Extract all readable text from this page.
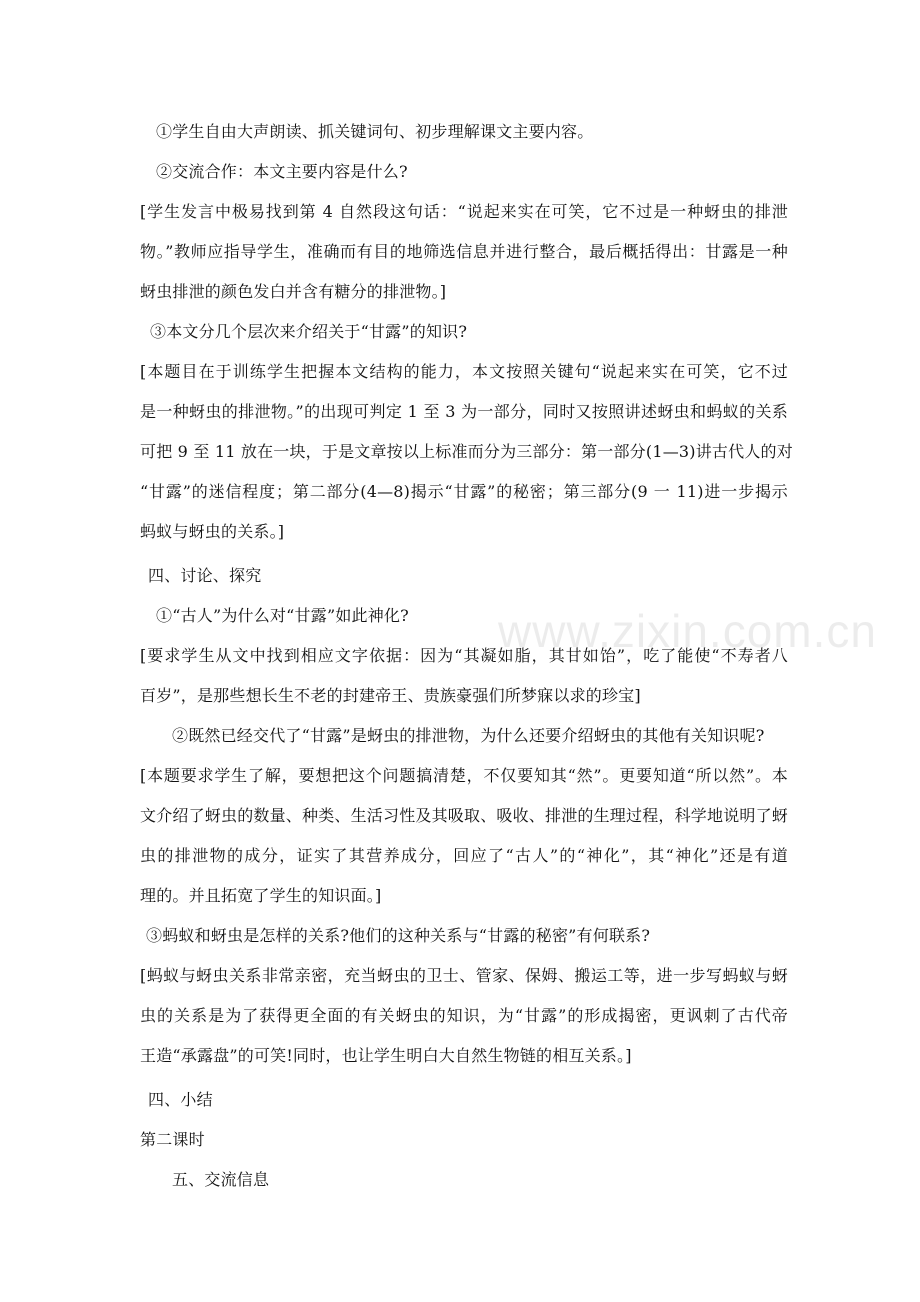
www.zixin.com.cn
①学生自由大声朗读、抓关键词句、初步理解课文主要内容。
②交流合作：本文主要内容是什么?
[学生发言中极易找到第 4 自然段这句话：“说起来实在可笑，它不过是一种蚜虫的排泄
物。”教师应指导学生，准确而有目的地筛选信息并进行整合，最后概括得出：甘露是一种
蚜虫排泄的颜色发白并含有糖分的排泄物。]
③本文分几个层次来介绍关于“甘露”的知识?
[本题目在于训练学生把握本文结构的能力，本文按照关键句“说起来实在可笑，它不过
是一种蚜虫的排泄物。”的出现可判定 1 至 3 为一部分，同时又按照讲述蚜虫和蚂蚁的关系
可把 9 至 11 放在一块，于是文章按以上标准而分为三部分：第一部分(1—3)讲古代人的对
“甘露”的迷信程度；第二部分(4—8)揭示“甘露”的秘密；第三部分(9 一 11)进一步揭示
蚂蚁与蚜虫的关系。]
四、讨论、探究
①“古人”为什么对“甘露”如此神化?
[要求学生从文中找到相应文字依据：因为“其凝如脂，其甘如饴”，吃了能使“不寿者八
百岁”，是那些想长生不老的封建帝王、贵族豪强们所梦寐以求的珍宝]
②既然已经交代了“甘露”是蚜虫的排泄物，为什么还要介绍蚜虫的其他有关知识呢?
[本题要求学生了解，要想把这个问题搞清楚，不仅要知其“然”。更要知道“所以然”。本
文介绍了蚜虫的数量、种类、生活习性及其吸取、吸收、排泄的生理过程，科学地说明了蚜
虫的排泄物的成分，证实了其营养成分，回应了“古人”的“神化”，其“神化”还是有道
理的。并且拓宽了学生的知识面。]
③蚂蚁和蚜虫是怎样的关系?他们的这种关系与“甘露的秘密”有何联系?
[蚂蚁与蚜虫关系非常亲密，充当蚜虫的卫士、管家、保姆、搬运工等，进一步写蚂蚁与蚜
虫的关系是为了获得更全面的有关蚜虫的知识，为“甘露”的形成揭密，更讽刺了古代帝
王造“承露盘”的可笑!同时，也让学生明白大自然生物链的相互关系。]
四、小结
第二课时
五、交流信息
